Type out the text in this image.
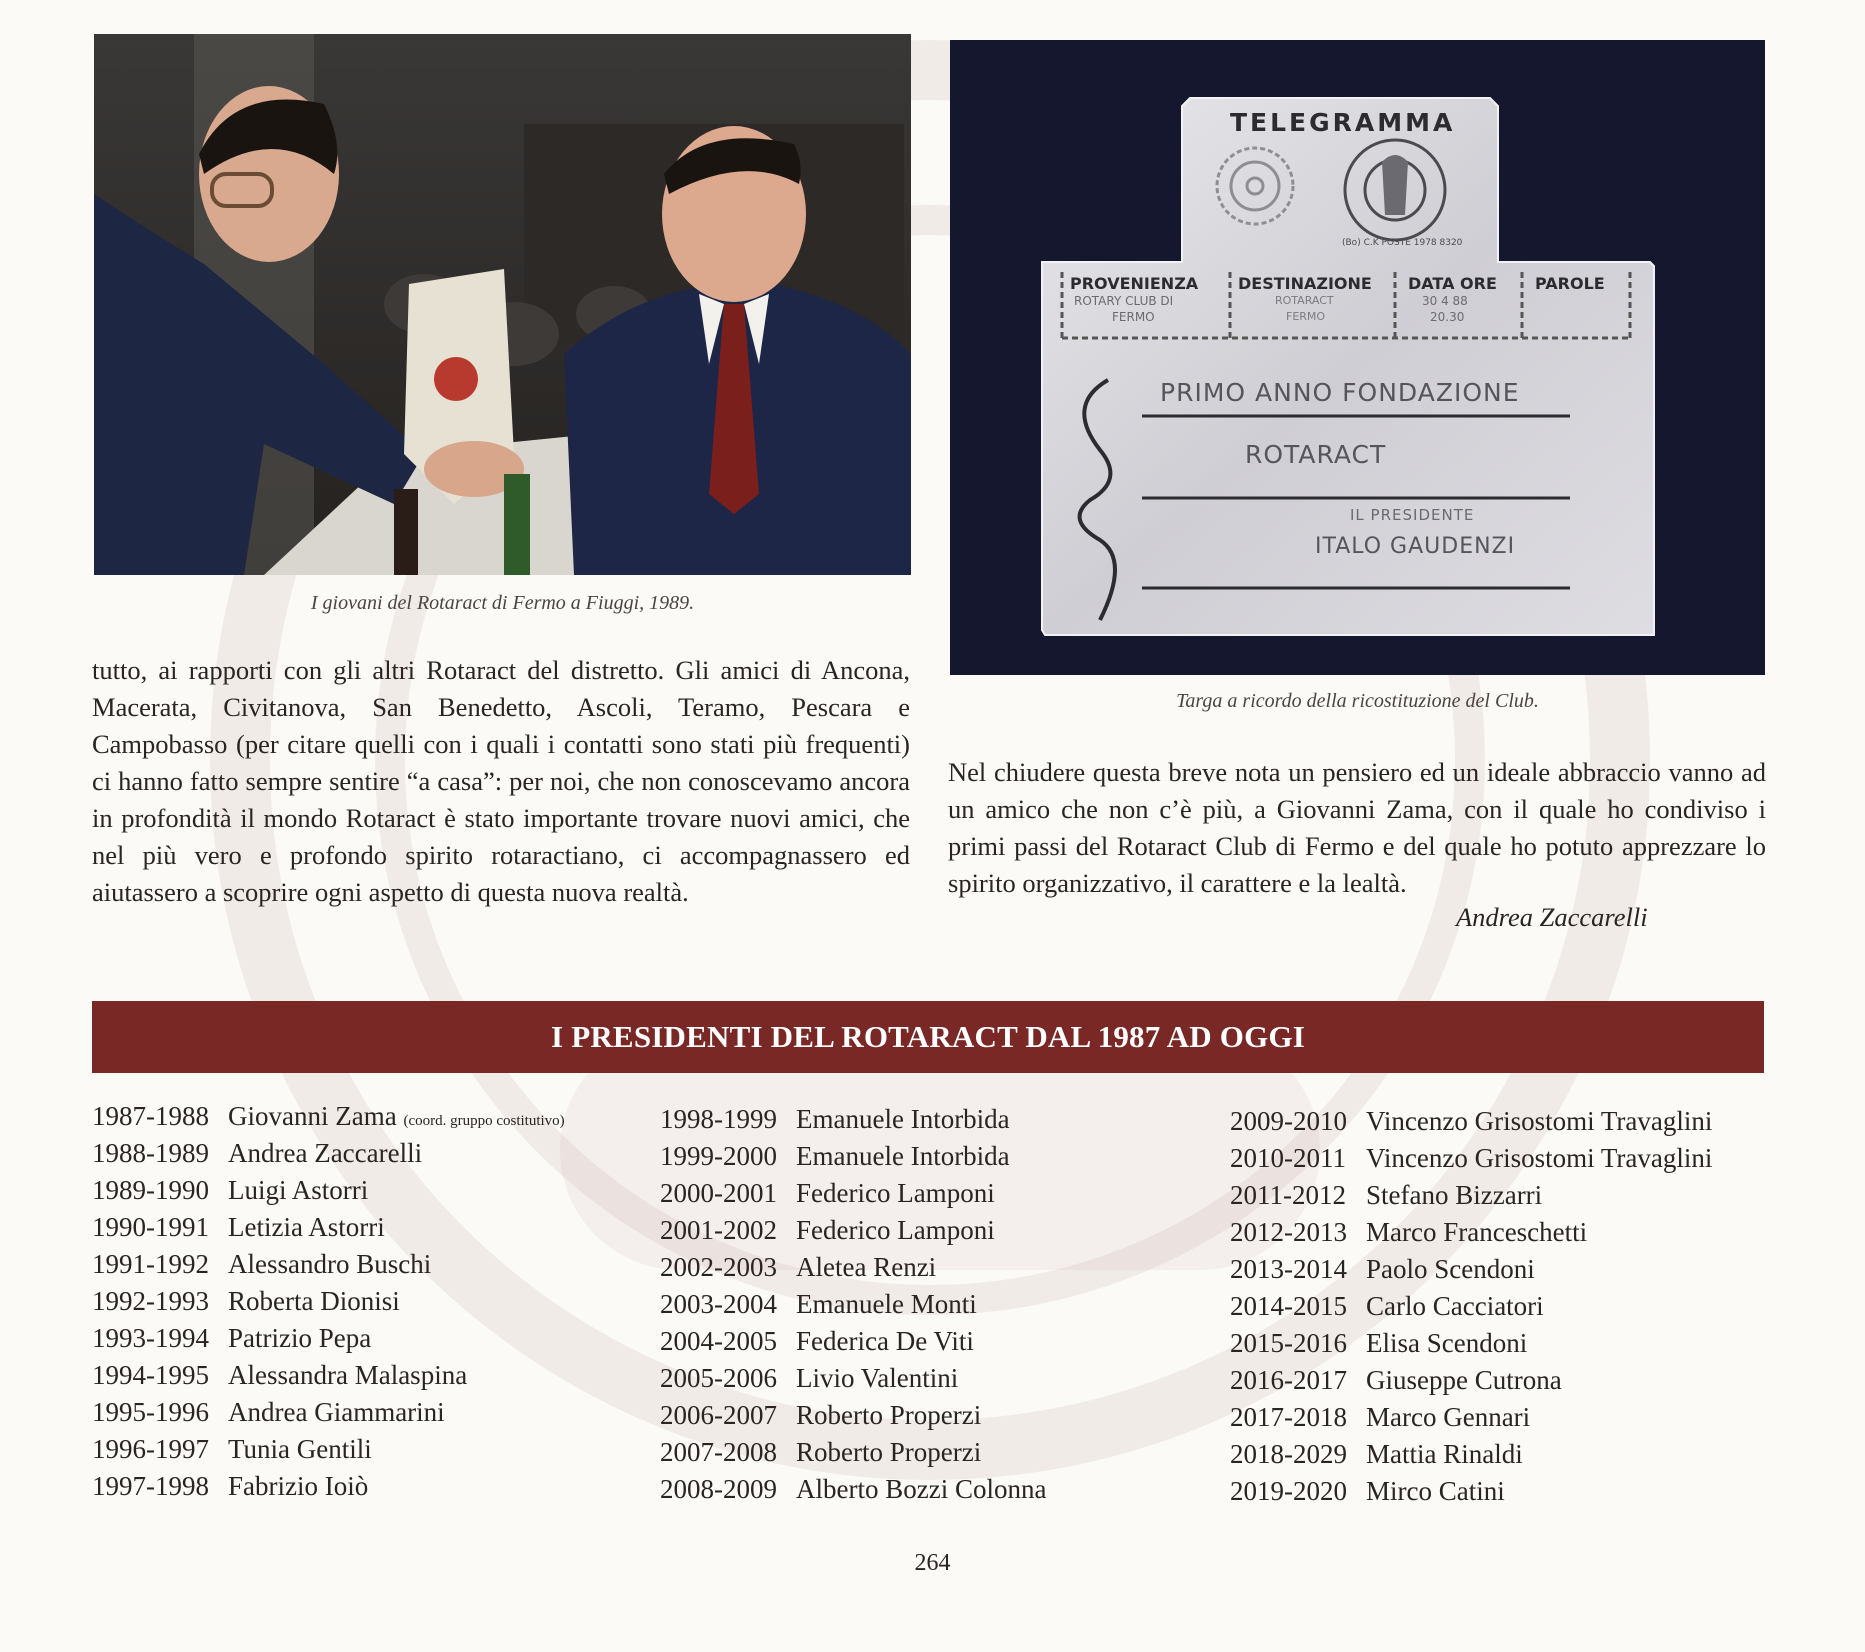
I giovani del Rotaract di Fermo a Fiuggi, 1989.
TELEGRAMMA
(Bo) C.K POSTE 1978 8320
PROVENIENZA
ROTARY CLUB DI
FERMO
DESTINAZIONE
ROTARACT
FERMO
DATA ORE
30 4 88
20.30
PAROLE
PRIMO ANNO FONDAZIONE
ROTARACT
IL PRESIDENTE
ITALO GAUDENZI
Targa a ricordo della ricostituzione del Club.
tutto, ai rapporti con gli altri Rotaract del distretto. Gli amici di Ancona, Macerata, Civitanova, San Benedetto, Ascoli, Teramo, Pescara e Campobasso (per citare quelli con i quali i contatti sono stati più frequenti) ci hanno fatto sempre sentire “a casa”: per noi, che non conoscevamo ancora in profondità il mondo Rotaract è stato importante trovare nuovi amici, che nel più vero e profondo spirito rotaractiano, ci accompagnassero ed aiutassero a scoprire ogni aspetto di questa nuova realtà.
Nel chiudere questa breve nota un pensiero ed un ideale abbraccio vanno ad un amico che non c’è più, a Giovanni Zama, con il quale ho condiviso i primi passi del Rotaract Club di Fermo e del quale ho potuto apprezzare lo spirito organizzativo, il carattere e la lealtà.
Andrea Zaccarelli
I PRESIDENTI DEL ROTARACT DAL 1987 AD OGGI
1987-1988 Giovanni Zama (coord. gruppo costitutivo)
1988-1989 Andrea Zaccarelli
1989-1990 Luigi Astorri
1990-1991 Letizia Astorri
1991-1992 Alessandro Buschi
1992-1993 Roberta Dionisi
1993-1994 Patrizio Pepa
1994-1995 Alessandra Malaspina
1995-1996 Andrea Giammarini
1996-1997 Tunia Gentili
1997-1998 Fabrizio Ioiò
1998-1999 Emanuele Intorbida
1999-2000 Emanuele Intorbida
2000-2001 Federico Lamponi
2001-2002 Federico Lamponi
2002-2003 Aletea Renzi
2003-2004 Emanuele Monti
2004-2005 Federica De Viti
2005-2006 Livio Valentini
2006-2007 Roberto Properzi
2007-2008 Roberto Properzi
2008-2009 Alberto Bozzi Colonna
2009-2010 Vincenzo Grisostomi Travaglini
2010-2011 Vincenzo Grisostomi Travaglini
2011-2012 Stefano Bizzarri
2012-2013 Marco Franceschetti
2013-2014 Paolo Scendoni
2014-2015 Carlo Cacciatori
2015-2016 Elisa Scendoni
2016-2017 Giuseppe Cutrona
2017-2018 Marco Gennari
2018-2029 Mattia Rinaldi
2019-2020 Mirco Catini
264
